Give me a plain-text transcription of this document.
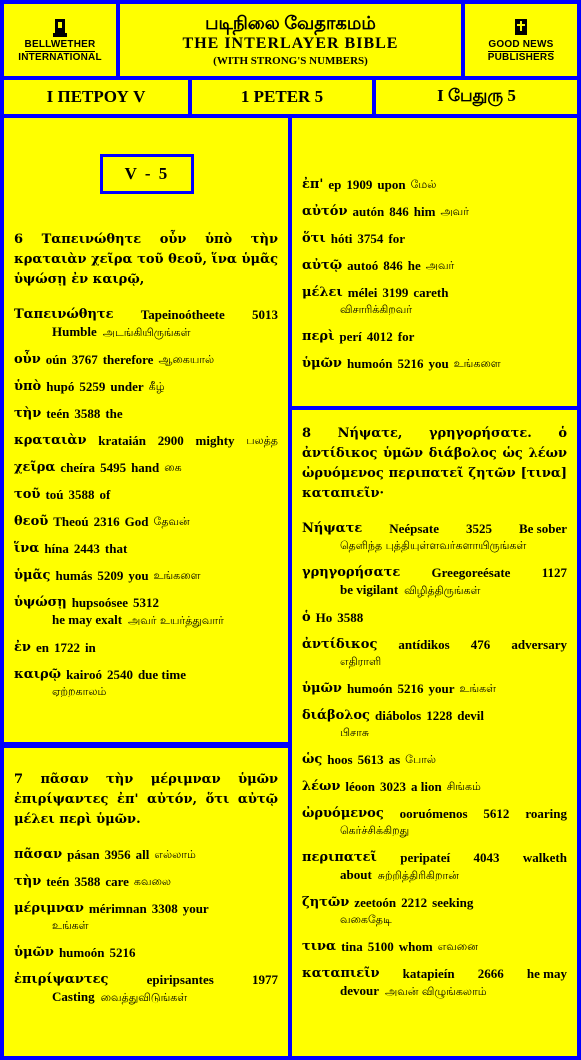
BELLWETHER
INTERNATIONAL
படிநிலை வேதாகமம்
THE INTERLAYER BIBLE
(WITH STRONG'S NUMBERS)
GOOD NEWS
PUBLISHERS
Ι ΠΕΤΡΟΥ V	1 PETER 5	I பேதுரு 5
V - 5
6 Ταπεινώθητε οὖν ὑπὸ τὴν κραταιὰν χεῖρα τοῦ θεοῦ, ἵνα ὑμᾶς ὑψώσῃ ἐν καιρῷ,
Ταπεινώθητε Tapeinoótheete 5013
Humble அடங்கியிருங்கள்
οὖν oún 3767 therefore ஆகையால்
ὑπὸ hupó 5259 under கீழ்
τὴν teén 3588 the
κραταιὰν krataián 2900 mighty பலத்த
χεῖρα cheíra 5495 hand கை
τοῦ toú 3588 of
θεοῦ Theoú 2316 God தேவன்
ἵνα hína 2443 that
ὑμᾶς humás 5209 you உங்களை
ὑψώσῃ hupsoósee 5312
he may exalt அவர் உயர்த்துவார்
ἐν en 1722 in
καιρῷ kairoó 2540 due time
ஏற்றகாலம்
7 πᾶσαν τὴν μέριμναν ὑμῶν ἐπιρίψαντες ἐπ' αὐτόν, ὅτι αὐτῷ μέλει περὶ ὑμῶν.
πᾶσαν pásan 3956 all எல்லாம்
τὴν teén 3588 care கவலை
μέριμναν mérimnan 3308 your
உங்கள்
ὑμῶν humoón 5216
ἐπιρίψαντες	epiripsantes	1977
Casting வைத்துவிடுங்கள்
ἐπ' ep 1909 upon மேல்
αὐτόν autón 846 him அவர்
ὅτι hóti 3754 for
αὐτῷ autoó 846 he அவர்
μέλει mélei 3199 careth
விசாரிக்கிறவர்
περὶ perí 4012 for
ὑμῶν humoón 5216 you உங்களை
8 Νήψατε, γρηγορήσατε. ὁ ἀντίδικος ὑμῶν διάβολος ὡς λέων ὠρυόμενος περιπατεῖ ζητῶν [τινα] καταπιεῖν·
Νήψατε Neépsate 3525 Be sober
தெளிந்த புத்தியுள்ளவர்களாயிருங்கள்
γρηγορήσατε Greegoreésate 1127
be vigilant விழித்திருங்கள்
ὁ Ho 3588
ἀντίδικος antídikos 476 adversary
எதிராளி
ὑμῶν humoón 5216 your உங்கள்
διάβολος diábolos 1228 devil
பிசாசு
ὡς hoos 5613 as போல்
λέων léoon 3023 a lion சிங்கம்
ὠρυόμενος ooruómenos 5612 roaring
கெர்ச்சிக்கிறது
περιπατεῖ peripateí 4043 walketh
about சுற்றித்திரிகிறான்
ζητῶν zeetoón 2212 seeking
வகைதேடி
τινα tina 5100 whom எவனை
καταπιεῖν katapieín 2666 he may
devour அவன் விழுங்கலாம்
